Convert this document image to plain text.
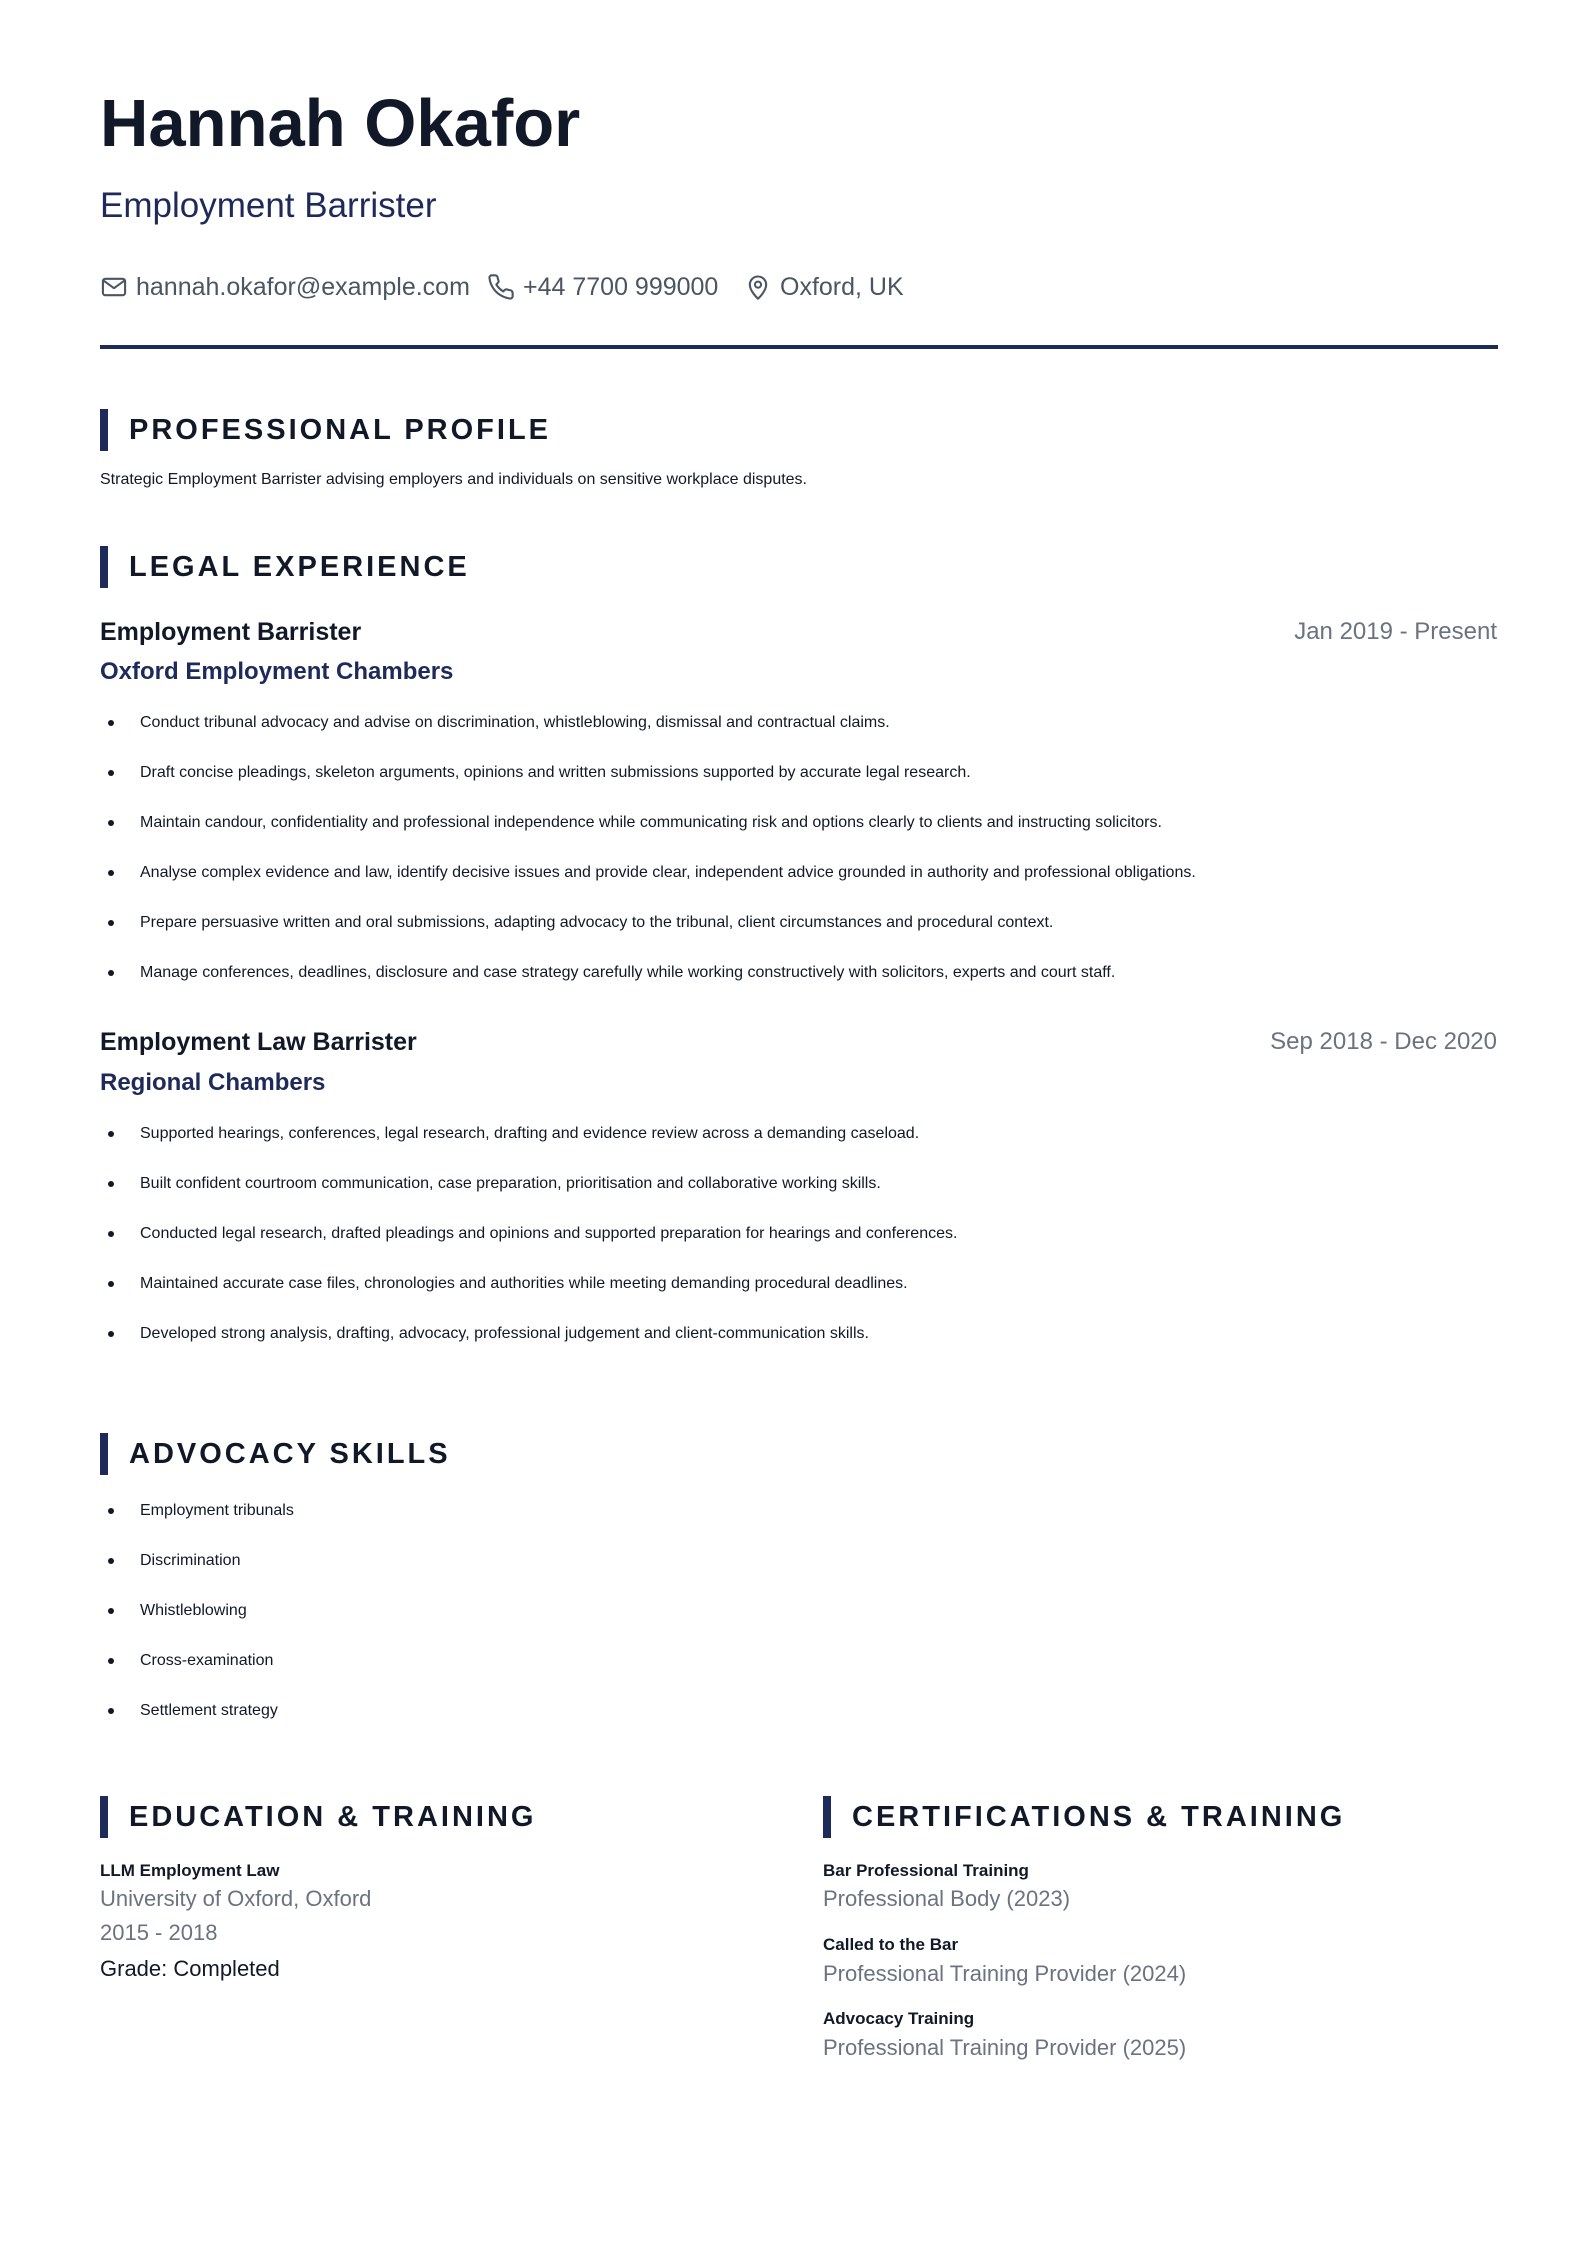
Hannah Okafor
Employment Barrister
hannah.okafor@example.com +44 7700 999000 Oxford, UK
PROFESSIONAL PROFILE
Strategic Employment Barrister advising employers and individuals on sensitive workplace disputes.
LEGAL EXPERIENCE
Employment Barrister	Jan 2019 - Present
Oxford Employment Chambers
Conduct tribunal advocacy and advise on discrimination, whistleblowing, dismissal and contractual claims.
Draft concise pleadings, skeleton arguments, opinions and written submissions supported by accurate legal research.
Maintain candour, confidentiality and professional independence while communicating risk and options clearly to clients and instructing solicitors.
Analyse complex evidence and law, identify decisive issues and provide clear, independent advice grounded in authority and professional obligations.
Prepare persuasive written and oral submissions, adapting advocacy to the tribunal, client circumstances and procedural context.
Manage conferences, deadlines, disclosure and case strategy carefully while working constructively with solicitors, experts and court staff.
Employment Law Barrister	Sep 2018 - Dec 2020
Regional Chambers
Supported hearings, conferences, legal research, drafting and evidence review across a demanding caseload.
Built confident courtroom communication, case preparation, prioritisation and collaborative working skills.
Conducted legal research, drafted pleadings and opinions and supported preparation for hearings and conferences.
Maintained accurate case files, chronologies and authorities while meeting demanding procedural deadlines.
Developed strong analysis, drafting, advocacy, professional judgement and client-communication skills.
ADVOCACY SKILLS
Employment tribunals
Discrimination
Whistleblowing
Cross-examination
Settlement strategy
EDUCATION & TRAINING
LLM Employment Law
University of Oxford, Oxford
2015 - 2018
Grade: Completed
CERTIFICATIONS & TRAINING
Bar Professional Training
Professional Body (2023)
Called to the Bar
Professional Training Provider (2024)
Advocacy Training
Professional Training Provider (2025)
